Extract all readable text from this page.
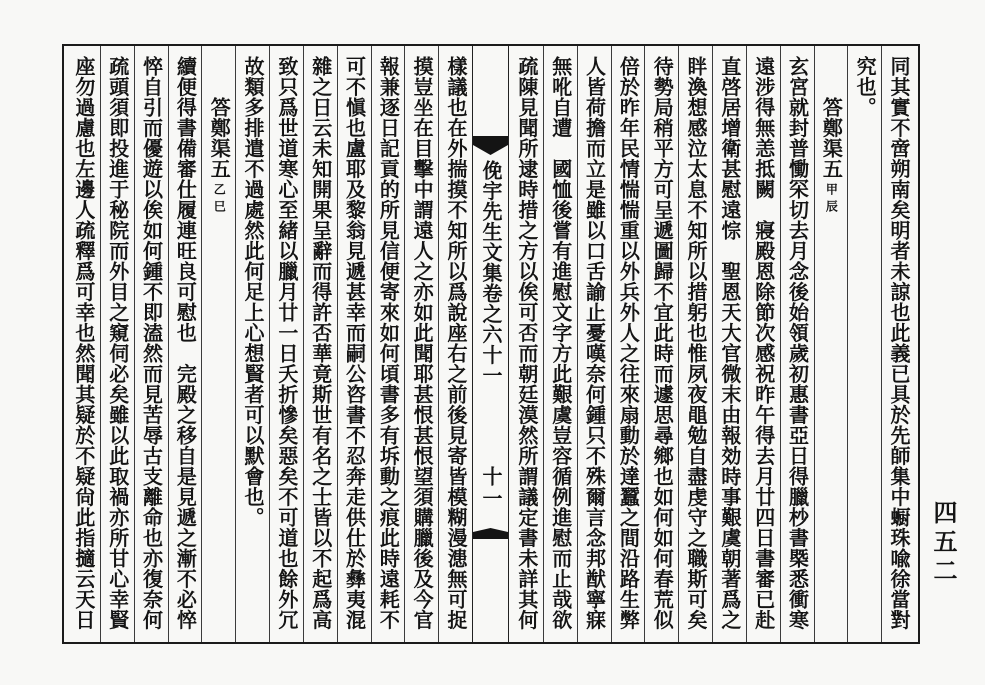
樣議也在外揣摸不知所以爲說座右之前後見寄皆模糊漫漶無可捉
摸豈坐在目擊中謂遠人之亦如此聞耶甚恨甚恨望須購臘後及今官
報兼逐日記貢的所見信便寄來如何頃書多有坼動之痕此時遠耗不
可不愼也盧耶及黎翁見遞甚幸而嗣公咨書不忍奔走供仕於彝夷混
雜之日云未知開果呈辭而得許否華竟斯世有名之士皆以不起爲高
致只爲世道寒心至緒以臘月廿一日夭折慘矣惡矣不可道也餘外冗
故類多排遣不過處然此何足上心想賢者可以默會也。
答鄭渠五乙巳
續便得書備審仕履連旺良可慰也　完殿之移自是見遞之漸不必悴
悴自引而優遊以俟如何鍾不即溘然而見苦辱古支離命也亦復奈何
疏頭須即投進于秘院而外目之窺伺必矣雖以此取禍亦所甘心幸賢
座勿過慮也左邊人疏釋爲可幸也然聞其疑於不疑尙此指擿云天日	俛宇先生文集卷之六十一
十一	同其實不啻朔南矣明者未諒也此義已具於先師集中蟵珠喩徐當對
究也。
答鄭渠五甲辰
玄宮就封普慟罙切去月念後始領歲初惠書亞日得臘杪書槩悉衝寒
遠涉得無恙抵闕　寢殿恩除節次感祝昨午得去月廿四日書審已赴
直啓居增衛甚慰遠悰　聖恩天大官微末由報効時事艱虞朝著爲之
眫渙想感泣太息不知所以措躬也惟夙夜黽勉自盡虔守之職斯可矣
待勢局稍平方可呈遞圖歸不宜此時而遽思尋鄉也如何如何春荒似
倍於昨年民情惴惴重以外兵外人之往來扇動於達蠶之間沿路生弊
人皆荷擔而立是雖以口舌諭止憂嘆奈何鍾只不殊爾言念邦猷寧寐
無吪自遭　國恤後嘗有進慰文字方此艱虞豈容循例進慰而止哉欲
疏陳見聞所逮時措之方以俟可否而朝廷漠然所謂議定書未詳其何	四五二
